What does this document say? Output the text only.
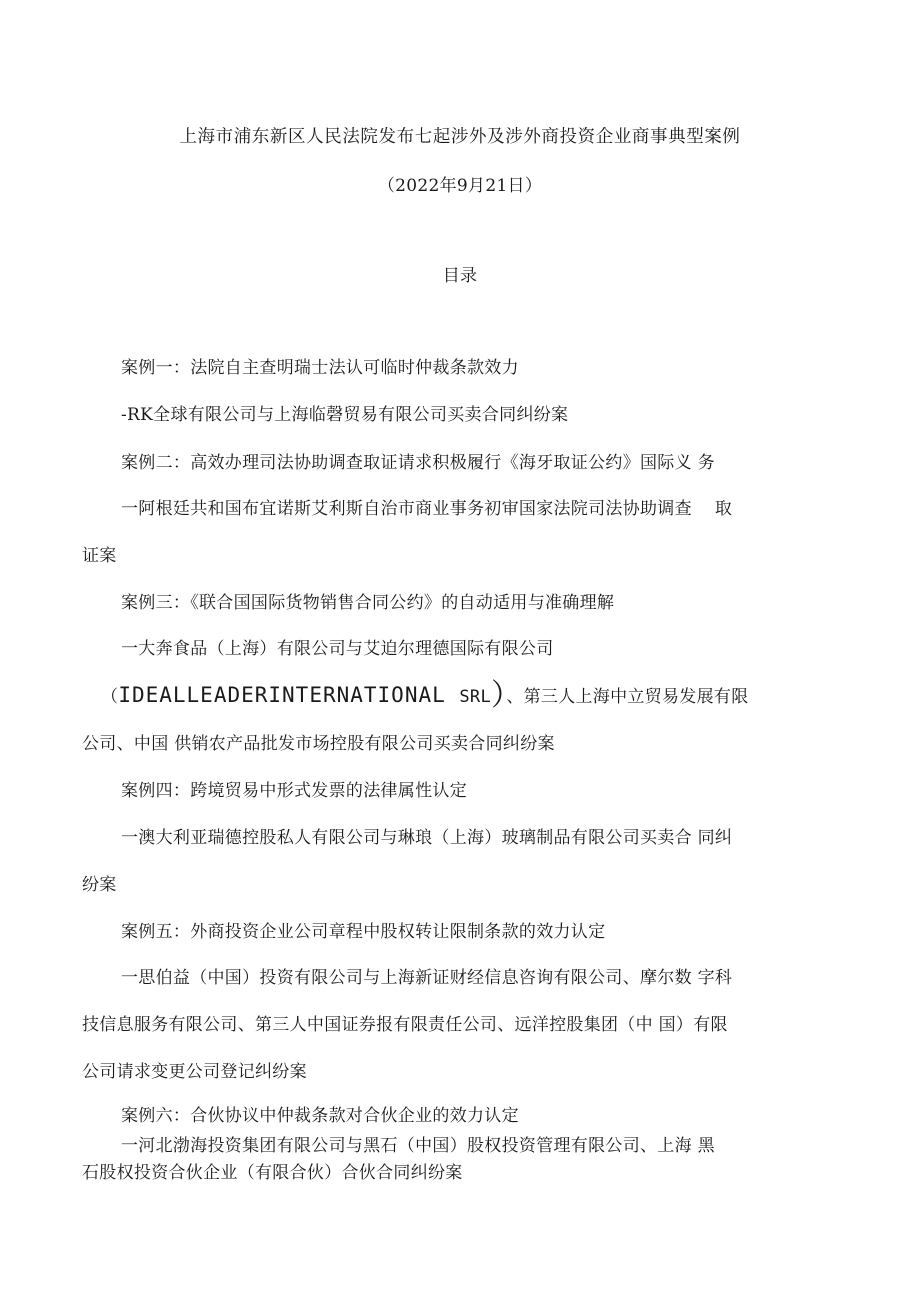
上海市浦东新区人民法院发布七起涉外及涉外商投资企业商事典型案例
（2022年9月21日）
目录
案例一：法院自主查明瑞士法认可临时仲裁条款效力
-RK全球有限公司与上海临磬贸易有限公司买卖合同纠纷案
案例二：高效办理司法协助调查取证请求积极履行《海牙取证公约》国际义 务
一阿根廷共和国布宜诺斯艾利斯自治市商业事务初审国家法院司法协助调查　 取
证案
案例三：《联合国国际货物销售合同公约》的自动适用与准确理解
一大奔食品（上海）有限公司与艾迫尔理德国际有限公司
（IDEALLEADERINTERNATIONAL SRL）、第三人上海中立贸易发展有限
公司、中国 供销农产品批发市场控股有限公司买卖合同纠纷案
案例四：跨境贸易中形式发票的法律属性认定
一澳大利亚瑞德控股私人有限公司与琳琅（上海）玻璃制品有限公司买卖合 同纠
纷案
案例五：外商投资企业公司章程中股权转让限制条款的效力认定
一思伯益（中国）投资有限公司与上海新证财经信息咨询有限公司、摩尔数 字科
技信息服务有限公司、第三人中国证券报有限责任公司、远洋控股集团（中 国）有限
公司请求变更公司登记纠纷案
案例六：合伙协议中仲裁条款对合伙企业的效力认定
一河北渤海投资集团有限公司与黑石（中国）股权投资管理有限公司、上海 黑
石股权投资合伙企业（有限合伙）合伙合同纠纷案
